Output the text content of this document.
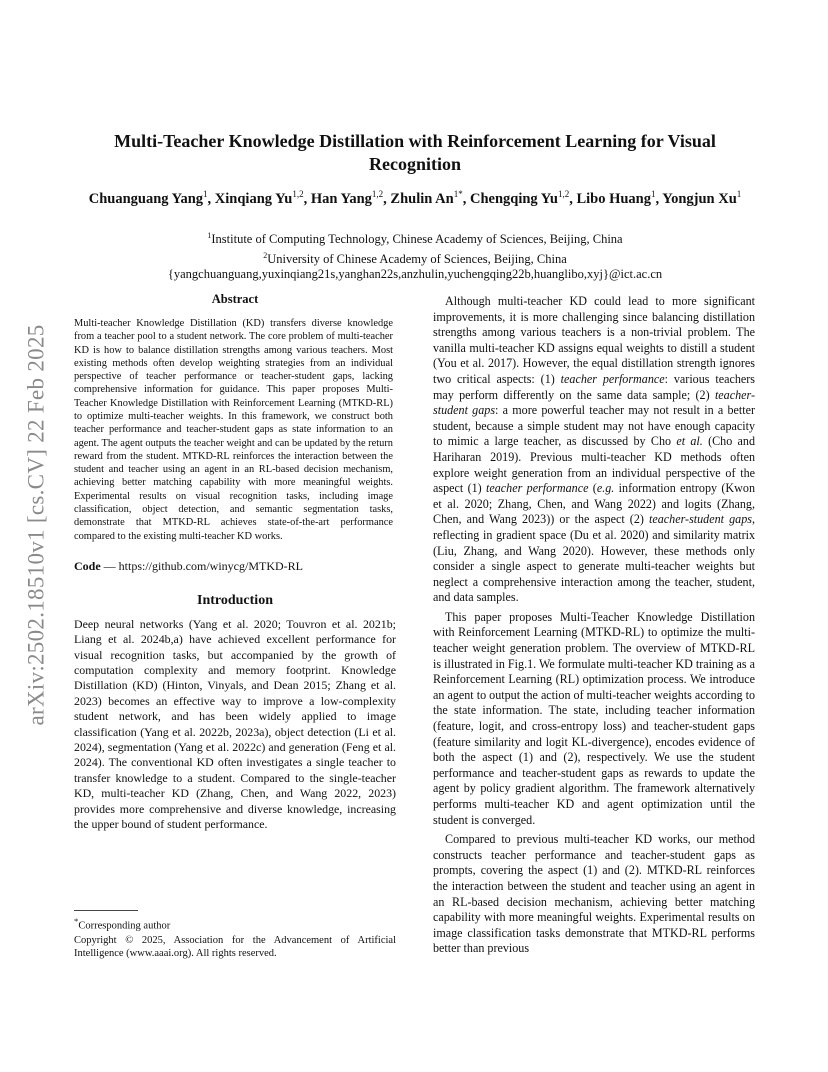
arXiv:2502.18510v1 [cs.CV] 22 Feb 2025
Multi-Teacher Knowledge Distillation with Reinforcement Learning for Visual Recognition
Chuanguang Yang$^1$, Xinqiang Yu$^{1,2}$, Han Yang$^{1,2}$, Zhulin $An^{1*}$, Chengqing Yu$^{1,2}$, Libo Huang$^1$, Yongjun Xu$^1$
$^1$Institute of Computing Technology, Chinese Academy of Sciences, Beijing, China
$^2$University of Chinese Academy of Sciences, Beijing, China
{yangchuanguang,yuxinqiang21s,yanghan22s,anzhulin,yuchengqing22b,huanglibo,xyj}@ict.ac.cn
Abstract

Multi-teacher Knowledge Distillation (KD) transfers diverse knowledge from a teacher pool to a student network. The core problem of multi-teacher KD is how to balance distillation strengths among various teachers. Most existing methods often develop weighting strategies from an individual perspective of teacher performance or teacher-student gaps, lacking comprehensive information for guidance. This paper proposes Multi-Teacher Knowledge Distillation with Reinforcement Learning (MTKD-RL) to optimize multi-teacher weights. In this framework, we construct both teacher performance and teacher-student gaps as state information to an agent. The agent outputs the teacher weight and can be updated by the return reward from the student. MTKD-RL reinforces the interaction between the student and teacher using an agent in an RL-based decision mechanism, achieving better matching capability with more meaningful weights. Experimental results on visual recognition tasks, including image classification, object detection, and semantic segmentation tasks, demonstrate that MTKD-RL achieves state-of-the-art performance compared to the existing multi-teacher KD works.

Code — https://github.com/winycg/MTKD-RL
Introduction

Deep neural networks (Yang et al. 2020; Touvron et al. 2021b; Liang et al. 2024b,a) have achieved excellent performance for visual recognition tasks, but accompanied by the growth of computation complexity and memory footprint. Knowledge Distillation (KD) (Hinton, Vinyals, and Dean 2015; Zhang et al. 2023) becomes an effective way to improve a low-complexity student network, and has been widely applied to image classification (Yang et al. 2022b, 2023a), object detection (Li et al. 2024), segmentation (Yang et al. 2022c) and generation (Feng et al. 2024). The conventional KD often investigates a single teacher to transfer knowledge to a student. Compared to the single-teacher KD, multi-teacher KD (Zhang, Chen, and Wang 2022, 2023) provides more comprehensive and diverse knowledge, increasing the upper bound of student performance.

*Corresponding author

Copyright © 2025, Association for the Advancement of Artificial Intelligence (www.aaai.org). All rights reserved.

Although multi-teacher KD could lead to more significant improvements, it is more challenging since balancing distillation strengths among various teachers is a non-trivial problem. The vanilla multi-teacher KD assigns equal weights to distill a student (You et al. 2017). However, the equal distillation strength ignores two critical aspects: (1) teacher performance: various teachers may perform differently on the same data sample; (2) teacher-student gaps: a more powerful teacher may not result in a better student, because a simple student may not have enough capacity to mimic a large teacher, as discussed by Cho et al. (Cho and Hariharan 2019). Previous multi-teacher KD methods often explore weight generation from an individual perspective of the aspect (1) teacher performance (e.g. information entropy (Kwon et al. 2020; Zhang, Chen, and Wang 2022) and logits (Zhang, Chen, and Wang 2023)) or the aspect (2) teacher-student gaps, reflecting in gradient space (Du et al. 2020) and similarity matrix (Liu, Zhang, and Wang 2020). However, these methods only consider a single aspect to generate multi-teacher weights but neglect a comprehensive interaction among the teacher, student, and data samples.

This paper proposes Multi-Teacher Knowledge Distillation with Reinforcement Learning (MTKD-RL) to optimize the multi-teacher weight generation problem. The overview of MTKD-RL is illustrated in Fig.1. We formulate multi-teacher KD training as a Reinforcement Learning (RL) optimization process. We introduce an agent to output the action of multi-teacher weights according to the state information. The state, including teacher information (feature, logit, and cross-entropy loss) and teacher-student gaps (feature similarity and logit KL-divergence), encodes evidence of both the aspect (1) and (2), respectively. We use the student performance and teacher-student gaps as rewards to update the agent by policy gradient algorithm. The framework alternatively performs multi-teacher KD and agent optimization until the student is converged.

Compared to previous multi-teacher KD works, our method constructs teacher performance and teacher-student gaps as prompts, covering the aspect (1) and (2). MTKD-RL reinforces the interaction between the student and teacher using an agent in an RL-based decision mechanism, achieving better matching capability with more meaningful weights. Experimental results on image classification tasks demonstrate that MTKD-RL performs better than previous
